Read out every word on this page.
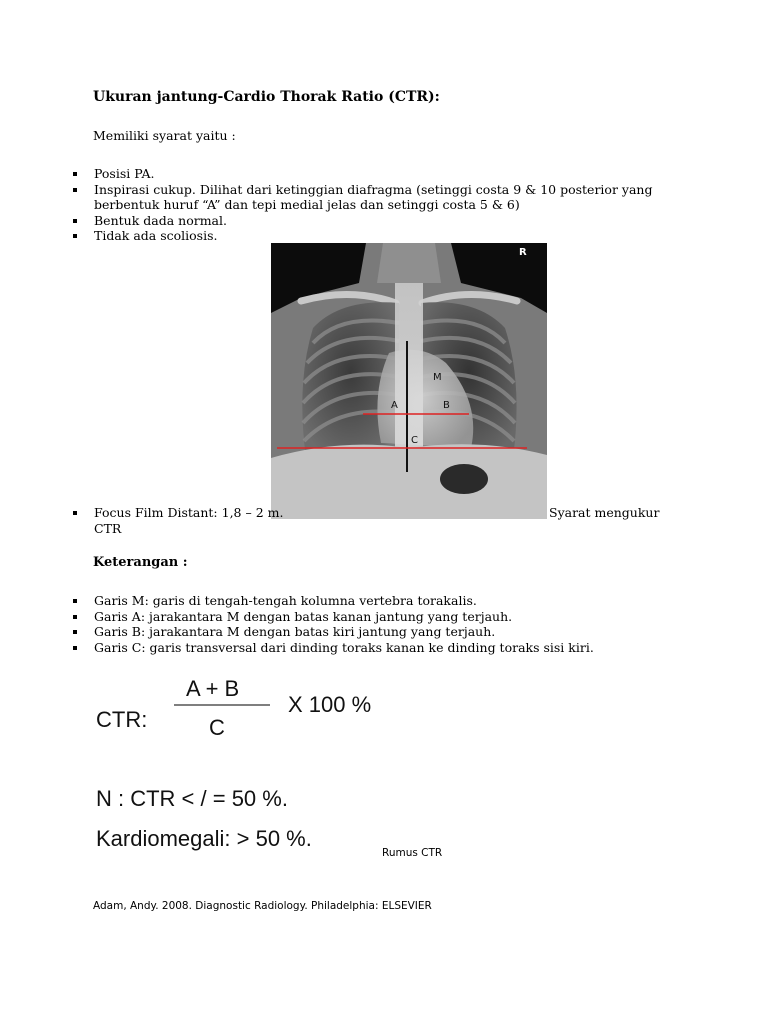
Ukuran jantung-Cardio Thorak Ratio (CTR):
Memiliki syarat yaitu :
Posisi PA.
Inspirasi cukup. Dilihat dari ketinggian diafragma (setinggi costa 9 & 10 posterior yang berbentuk huruf “A” dan tepi medial jelas dan setinggi costa 5 & 6)
Bentuk dada normal.
Tidak ada scoliosis.
R
M
A	B
C
Focus Film Distant: 1,8 – 2 m.	Syarat mengukur
CTR
Keterangan :
Garis M: garis di tengah-tengah kolumna vertebra torakalis.
Garis A: jarakantara M dengan batas kanan jantung yang terjauh.
Garis B: jarakantara M dengan batas kiri jantung yang terjauh.
Garis C: garis transversal dari dinding toraks kanan ke dinding toraks sisi kiri.
A + B
CTR:	C
X 100 %
N : CTR < / = 50 %.
Kardiomegali: > 50 %.
Rumus CTR
Adam, Andy. 2008. Diagnostic Radiology. Philadelphia: ELSEVIER
